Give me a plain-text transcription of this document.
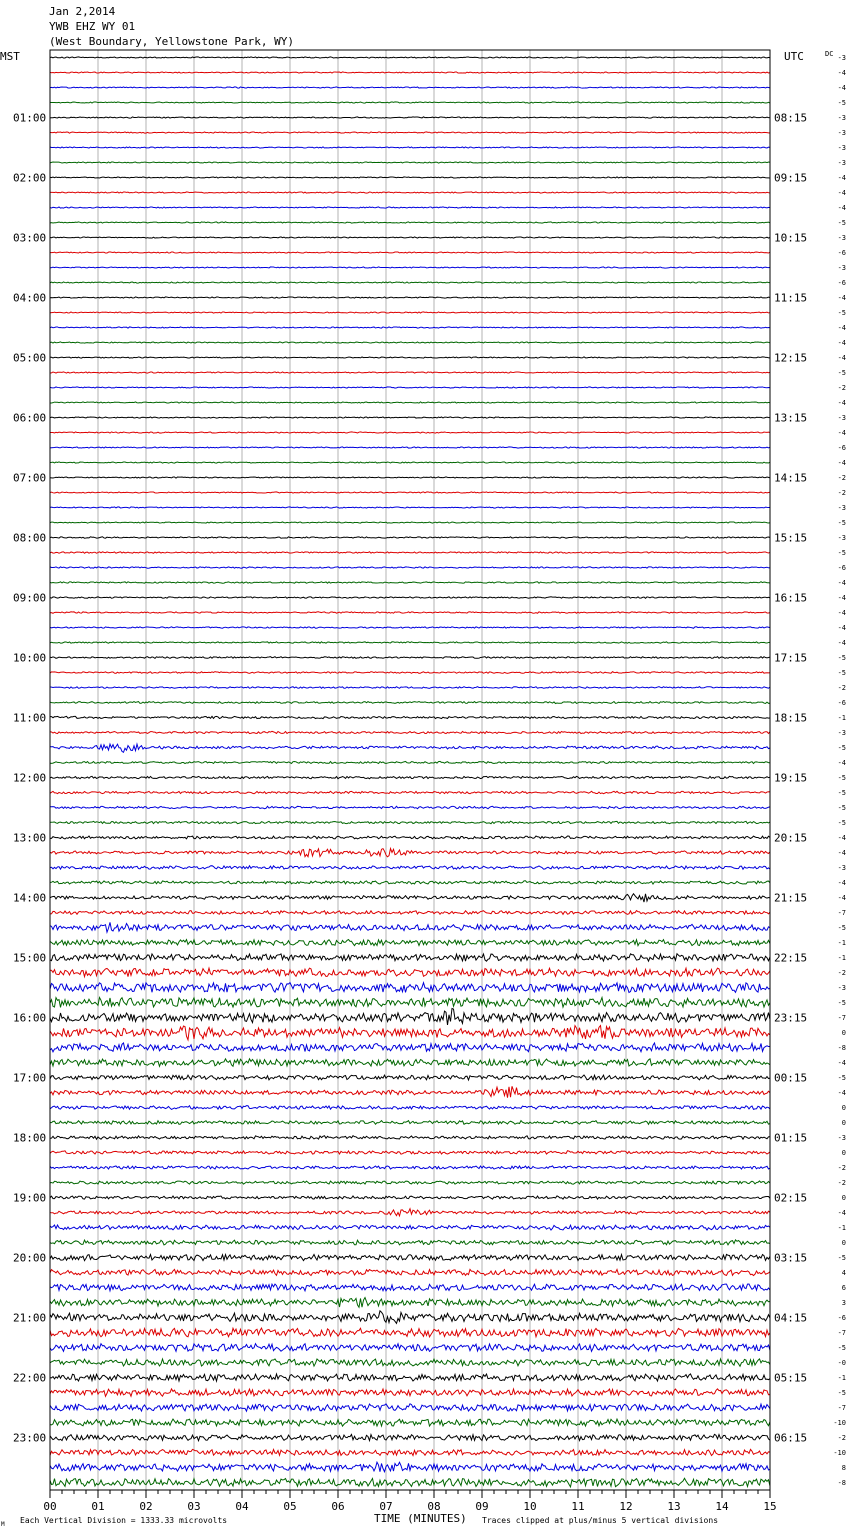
Jan 2,2014
YWB EHZ WY 01
(West Boundary, Yellowstone Park, WY)
MST	UTC	DC
01:00
02:00
03:00
04:00
05:00
06:00
07:00
08:00
09:00
10:00
11:00
12:00
13:00
14:00
15:00
16:00
17:00
18:00
19:00
20:00
21:00
22:00
23:00
08:15
09:15
10:15
11:15
12:15
13:15
14:15
15:15
16:15
17:15
18:15
19:15
20:15
21:15
22:15
23:15
00:15
01:15
02:15
03:15
04:15
05:15
06:15
-3
-4
-4
-5
-3
-3
-3
-3
-4
-4
-4
-5
-3
-6
-3
-6
-4
-5
-4
-4
-4
-5
-2
-4
-3
-4
-6
-4
-2
-2
-3
-5
-3
-5
-6
-4
-4
-4
-4
-4
-5
-5
-2
-6
-1
-3
-5
-4
-5
-5
-5
-5
-4
-4
-3
-4
-4
-7
-5
-1
-1
-2
-3
-5
-7
0
-8
-4
-5
-4
0
0
-3
0
-2
-2
0
-4
-1
0
-5
4
6
3
-6
-7
-5
-0
-1
-5
-7
-10
-2
-10
8
-8
00	01	02	03	04	05	06	07	08	09	10	11	12	13	14	15
TIME (MINUTES)
Each Vertical Division = 1333.33 microvolts	Traces clipped at plus/minus 5 vertical divisions
M
